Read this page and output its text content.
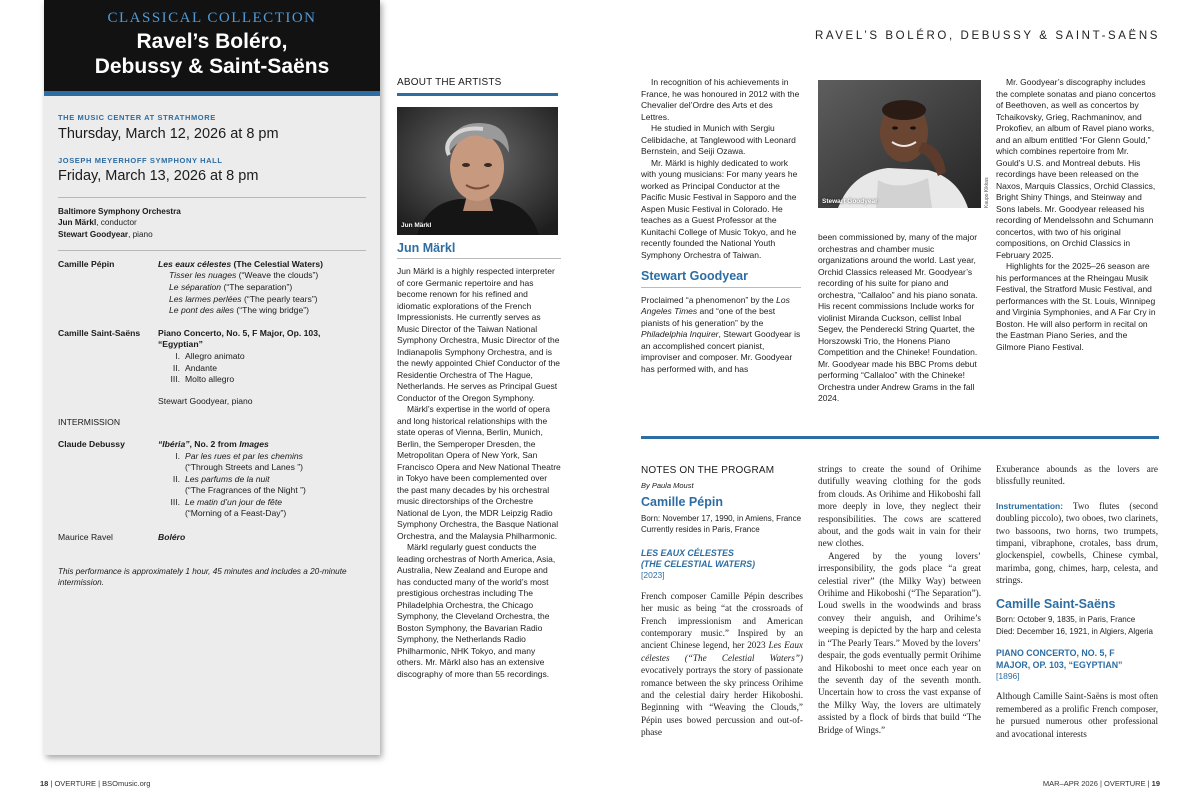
CLASSICAL COLLECTION
Ravel’s Boléro,
Debussy & Saint-Saëns
THE MUSIC CENTER AT STRATHMORE
Thursday, March 12, 2026 at 8 pm
JOSEPH MEYERHOFF SYMPHONY HALL
Friday, March 13, 2026 at 8 pm
Baltimore Symphony Orchestra
Jun Märkl, conductor
Stewart Goodyear, piano
Camille Pépin	Les eaux célestes (The Celestial Waters)
Tisser les nuages (“Weave the clouds”)
Le séparation (“The separation”)
Les larmes perlées (“The pearly tears”)
Le pont des ailes (“The wing bridge”)
Camille Saint-Saëns	Piano Concerto, No. 5, F Major, Op. 103, “Egyptian”
I. Allegro animato
II. Andante
III. Molto allegro
Stewart Goodyear, piano
INTERMISSION
Claude Debussy	“Ibéria”, No. 2 from Images
I. Par les rues et par les chemins
(“Through Streets and Lanes ”)
II. Les parfums de la nuit
(“The Fragrances of the Night ”)
III. Le matin d’un jour de fête
(“Morning of a Feast-Day”)
Maurice Ravel	Boléro
This performance is approximately 1 hour, 45 minutes and includes a 20-minute intermission.
ABOUT THE ARTISTS
Jun Märkl
Jun Märkl

Jun Märkl is a highly respected interpreter of core Germanic repertoire and has become renown for his refined and idiomatic explorations of the French Impressionists. He currently serves as Music Director of the Taiwan National Symphony Orchestra, Music Director of the Indianapolis Symphony Orchestra, and is the newly appointed Chief Conductor of the Residentie Orchestra of The Hague, Netherlands. He serves as Principal Guest Conductor of the Oregon Symphony.

Märkl’s expertise in the world of opera and long historical relationships with the state operas of Vienna, Berlin, Munich, Berlin, the Semperoper Dresden, the Metropolitan Opera of New York, San Francisco Opera and New National Theatre in Tokyo have been complemented over the past many decades by his orchestral music directorships of the Orchestre National de Lyon, the MDR Leipzig Radio Symphony Orchestra, the Basque National Orchestra, and the Malaysia Philharmonic.

Märkl regularly guest conducts the leading orchestras of North America, Asia, Australia, New Zealand and Europe and has conducted many of the world’s most prestigious orchestras including The Philadelphia Orchestra, the Chicago Symphony, the Cleveland Orchestra, the Boston Symphony, the Bavarian Radio Symphony, the Netherlands Radio Philharmonic, NHK Tokyo, and many others. Mr. Märkl also has an extensive discography of more than 55 recordings.

18 | OVERTURE | BSOmusic.org
RAVEL’S BOLÉRO, DEBUSSY & SAINT-SAËNS

In recognition of his achievements in France, he was honoured in 2012 with the Chevalier del’Ordre des Arts et des Lettres.

He studied in Munich with Sergiu Celibidache, at Tanglewood with Leonard Bernstein, and Seiji Ozawa.

Mr. Märkl is highly dedicated to work with young musicians: For many years he worked as Principal Conductor at the Pacific Music Festival in Sapporo and the Aspen Music Festival in Colorado. He teaches as a Guest Professor at the Kunitachi College of Music Tokyo, and he recently founded the National Youth Symphony Orchestra of Taiwan.

Stewart Goodyear

Proclaimed “a phenomenon” by the Los Angeles Times and “one of the best pianists of his generation” by the Philadelphia Inquirer, Stewart Goodyear is an accomplished concert pianist, improviser and composer. Mr. Goodyear has performed with, and has

Stewart Goodyear	Kaupo Kikkas

been commissioned by, many of the major orchestras and chamber music organizations around the world. Last year, Orchid Classics released Mr. Goodyear’s recording of his suite for piano and orchestra, “Callaloo” and his piano sonata. His recent commissions Include works for violinist Miranda Cuckson, cellist Inbal Segev, the Penderecki String Quartet, the Horszowski Trio, the Honens Piano Competition and the Chineke! Foundation. Mr. Goodyear made his BBC Proms debut performing “Callaloo” with the Chineke! Orchestra under Andrew Grams in the fall 2024.

Mr. Goodyear’s discography includes the complete sonatas and piano concertos of Beethoven, as well as concertos by Tchaikovsky, Grieg, Rachmaninov, and Prokofiev, an album of Ravel piano works, and an album entitled “For Glenn Gould,” which combines repertoire from Mr. Gould’s U.S. and Montreal debuts. His recordings have been released on the Naxos, Marquis Classics, Orchid Classics, Bright Shiny Things, and Steinway and Sons labels. Mr. Goodyear released his recording of Mendelssohn and Schumann concertos, with two of his original compositions, on Orchid Classics in February 2025.

Highlights for the 2025–26 season are his performances at the Rheingau Musik Festival, the Stratford Music Festival, and performances with the St. Louis, Winnipeg and Virginia Symphonies, and A Far Cry in Boston. He will also perform in recital on the Eastman Piano Series, and the Gilmore Piano Festival.

NOTES ON THE PROGRAM
By Paula Moust
Camille Pépin
Born: November 17, 1990, in Amiens, France
Currently resides in Paris, France
LES EAUX CÉLESTES
(THE CELESTIAL WATERS)
[2023]

French composer Camille Pépin describes her music as being “at the crossroads of French impressionism and American contemporary music.” Inspired by an ancient Chinese legend, her 2023 Les Eaux célestes (“The Celestial Waters”) evocatively portrays the story of passionate romance between the sky princess Orihime and the celestial dairy herder Hikoboshi. Beginning with “Weaving the Clouds,” Pépin uses bowed percussion and out-of-phase

strings to create the sound of Orihime dutifully weaving clothing for the gods from clouds. As Orihime and Hikoboshi fall more deeply in love, they neglect their responsibilities. The cows are scattered about, and the gods wait in vain for their new clothes.

Angered by the young lovers’ irresponsibility, the gods place “a great celestial river” (the Milky Way) between Orihime and Hikoboshi (“The Separation”). Loud swells in the woodwinds and brass convey their anguish, and Orihime’s weeping is depicted by the harp and celesta in “The Pearly Tears.” Moved by the lovers’ despair, the gods eventually permit Orihime and Hikoboshi to meet once each year on the seventh day of the seventh month. Uncertain how to cross the vast expanse of the Milky Way, the lovers are ultimately assisted by a flock of birds that build “The Bridge of Wings.”

Exuberance abounds as the lovers are blissfully reunited.

Instrumentation: Two flutes (second doubling piccolo), two oboes, two clarinets, two bassoons, two horns, two trumpets, timpani, vibraphone, crotales, bass drum, glockenspiel, cowbells, Chinese cymbal, marimba, gong, chimes, harp, celesta, and strings.

Camille Saint-Saëns
Born: October 9, 1835, in Paris, France
Died: December 16, 1921, in Algiers, Algeria
PIANO CONCERTO, NO. 5, F
MAJOR, OP. 103, “EGYPTIAN”
[1896]

Although Camille Saint-Saëns is most often remembered as a prolific French composer, he pursued numerous other professional and avocational interests

MAR–APR 2026 | OVERTURE | 19
